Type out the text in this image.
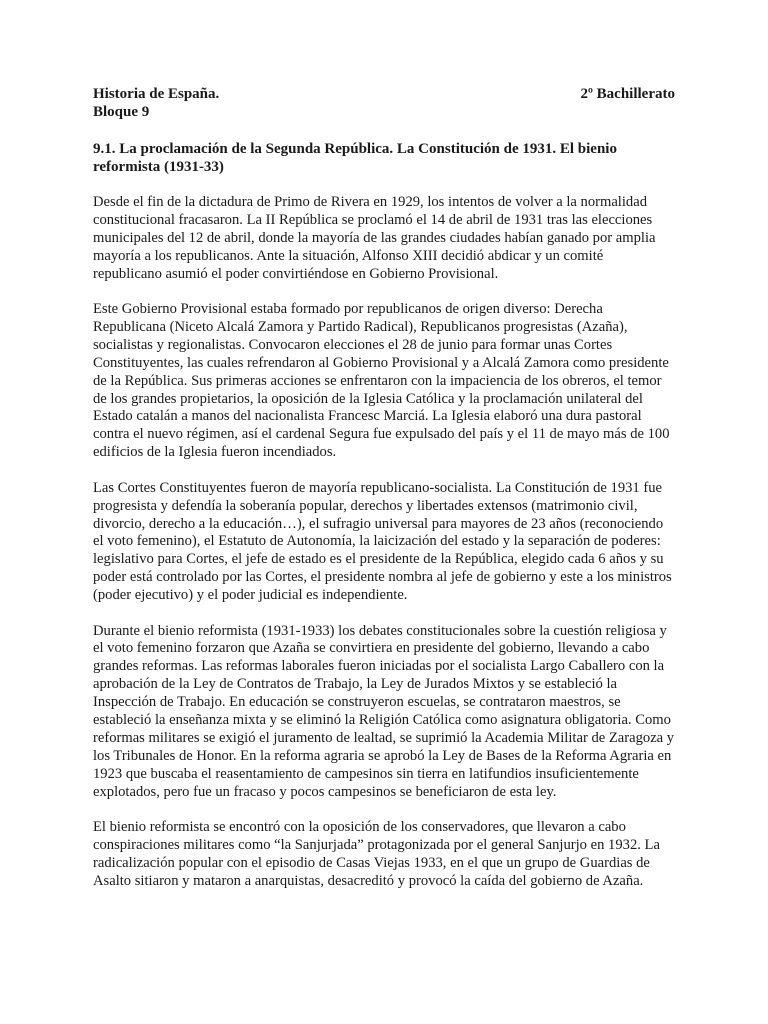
Historia de España.	2º Bachillerato
Bloque 9
9.1. La proclamación de la Segunda República. La Constitución de 1931. El bienio reformista (1931-33)

Desde el fin de la dictadura de Primo de Rivera en 1929, los intentos de volver a la normalidad constitucional fracasaron. La II República se proclamó el 14 de abril de 1931 tras las elecciones municipales del 12 de abril, donde la mayoría de las grandes ciudades habían ganado por amplia mayoría a los republicanos. Ante la situación, Alfonso XIII decidió abdicar y un comité republicano asumió el poder convirtiéndose en Gobierno Provisional.

Este Gobierno Provisional estaba formado por republicanos de origen diverso: Derecha Republicana (Niceto Alcalá Zamora y Partido Radical), Republicanos progresistas (Azaña), socialistas y regionalistas. Convocaron elecciones el 28 de junio para formar unas Cortes Constituyentes, las cuales refrendaron al Gobierno Provisional y a Alcalá Zamora como presidente de la República. Sus primeras acciones se enfrentaron con la impaciencia de los obreros, el temor de los grandes propietarios, la oposición de la Iglesia Católica y la proclamación unilateral del Estado catalán a manos del nacionalista Francesc Marciá. La Iglesia elaboró una dura pastoral contra el nuevo régimen, así el cardenal Segura fue expulsado del país y el 11 de mayo más de 100 edificios de la Iglesia fueron incendiados.

Las Cortes Constituyentes fueron de mayoría republicano-socialista. La Constitución de 1931 fue progresista y defendía la soberanía popular, derechos y libertades extensos (matrimonio civil, divorcio, derecho a la educación…), el sufragio universal para mayores de 23 años (reconociendo el voto femenino), el Estatuto de Autonomía, la laicización del estado y la separación de poderes: legislativo para Cortes, el jefe de estado es el presidente de la República, elegido cada 6 años y su poder está controlado por las Cortes, el presidente nombra al jefe de gobierno y este a los ministros (poder ejecutivo) y el poder judicial es independiente.

Durante el bienio reformista (1931-1933) los debates constitucionales sobre la cuestión religiosa y el voto femenino forzaron que Azaña se convirtiera en presidente del gobierno, llevando a cabo grandes reformas. Las reformas laborales fueron iniciadas por el socialista Largo Caballero con la aprobación de la Ley de Contratos de Trabajo, la Ley de Jurados Mixtos y se estableció la Inspección de Trabajo. En educación se construyeron escuelas, se contrataron maestros, se estableció la enseñanza mixta y se eliminó la Religión Católica como asignatura obligatoria. Como reformas militares se exigió el juramento de lealtad, se suprimió la Academia Militar de Zaragoza y los Tribunales de Honor. En la reforma agraria se aprobó la Ley de Bases de la Reforma Agraria en 1923 que buscaba el reasentamiento de campesinos sin tierra en latifundios insuficientemente explotados, pero fue un fracaso y pocos campesinos se beneficiaron de esta ley.

El bienio reformista se encontró con la oposición de los conservadores, que llevaron a cabo conspiraciones militares como “la Sanjurjada” protagonizada por el general Sanjurjo en 1932. La radicalización popular con el episodio de Casas Viejas 1933, en el que un grupo de Guardias de Asalto sitiaron y mataron a anarquistas, desacreditó y provocó la caída del gobierno de Azaña.
